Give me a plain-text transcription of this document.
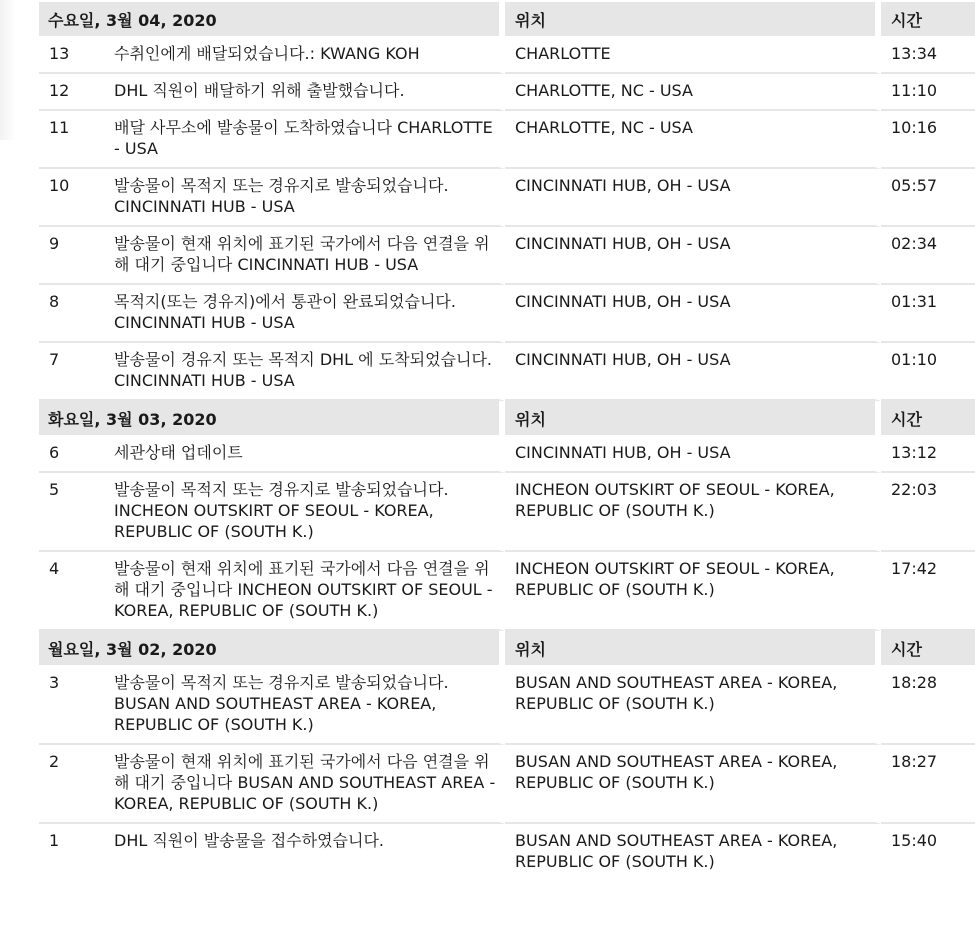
수요일, 3월 04, 2020		위치	시간
13	수취인에게 배달되었습니다.: KWANG KOH	CHARLOTTE	13:34
12	DHL 직원이 배달하기 위해 출발했습니다.	CHARLOTTE, NC - USA	11:10
11	배달 사무소에 발송물이 도착하였습니다 CHARLOTTE - USA	CHARLOTTE, NC - USA	10:16
10	발송물이 목적지 또는 경유지로 발송되었습니다. CINCINNATI HUB - USA	CINCINNATI HUB, OH - USA	05:57
9	발송물이 현재 위치에 표기된 국가에서 다음 연결을 위해 대기 중입니다 CINCINNATI HUB - USA	CINCINNATI HUB, OH - USA	02:34
8	목적지(또는 경유지)에서 통관이 완료되었습니다. CINCINNATI HUB - USA	CINCINNATI HUB, OH - USA	01:31
7	발송물이 경유지 또는 목적지 DHL 에 도착되었습니다. CINCINNATI HUB - USA	CINCINNATI HUB, OH - USA	01:10
화요일, 3월 03, 2020		위치	시간
6	세관상태 업데이트	CINCINNATI HUB, OH - USA	13:12
5	발송물이 목적지 또는 경유지로 발송되었습니다. INCHEON OUTSKIRT OF SEOUL - KOREA, REPUBLIC OF (SOUTH K.)	INCHEON OUTSKIRT OF SEOUL - KOREA, REPUBLIC OF (SOUTH K.)	22:03
4	발송물이 현재 위치에 표기된 국가에서 다음 연결을 위해 대기 중입니다 INCHEON OUTSKIRT OF SEOUL - KOREA, REPUBLIC OF (SOUTH K.)	INCHEON OUTSKIRT OF SEOUL - KOREA, REPUBLIC OF (SOUTH K.)	17:42
월요일, 3월 02, 2020		위치	시간
3	발송물이 목적지 또는 경유지로 발송되었습니다. BUSAN AND SOUTHEAST AREA - KOREA, REPUBLIC OF (SOUTH K.)	BUSAN AND SOUTHEAST AREA - KOREA, REPUBLIC OF (SOUTH K.)	18:28
2	발송물이 현재 위치에 표기된 국가에서 다음 연결을 위해 대기 중입니다 BUSAN AND SOUTHEAST AREA - KOREA, REPUBLIC OF (SOUTH K.)	BUSAN AND SOUTHEAST AREA - KOREA, REPUBLIC OF (SOUTH K.)	18:27
1	DHL 직원이 발송물을 접수하였습니다.	BUSAN AND SOUTHEAST AREA - KOREA, REPUBLIC OF (SOUTH K.)	15:40
